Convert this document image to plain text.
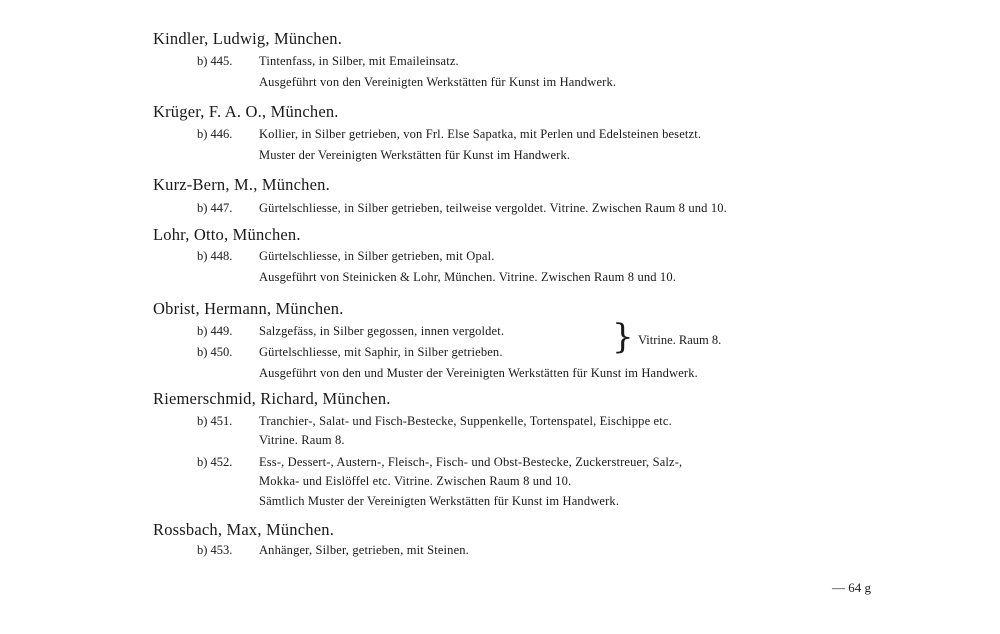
Kindler, Ludwig, München.
b) 445. Tintenfass, in Silber, mit Emaileinsatz.
Ausgeführt von den Vereinigten Werkstätten für Kunst im Handwerk.
Krüger, F. A. O., München.
b) 446. Kollier, in Silber getrieben, von Frl. Else Sapatka, mit Perlen und Edelsteinen besetzt.
Muster der Vereinigten Werkstätten für Kunst im Handwerk.
Kurz-Bern, M., München.
b) 447. Gürtelschliesse, in Silber getrieben, teilweise vergoldet. Vitrine. Zwischen Raum 8 und 10.
Lohr, Otto, München.
b) 448. Gürtelschliesse, in Silber getrieben, mit Opal.
Ausgeführt von Steinicken & Lohr, München. Vitrine. Zwischen Raum 8 und 10.
Obrist, Hermann, München.
b) 449. Salzgefäss, in Silber gegossen, innen vergoldet.
b) 450. Gürtelschliesse, mit Saphir, in Silber getrieben.	} Vitrine. Raum 8.
Ausgeführt von den und Muster der Vereinigten Werkstätten für Kunst im Handwerk.
Riemerschmid, Richard, München.
b) 451. Tranchier-, Salat- und Fisch-Bestecke, Suppenkelle, Tortenspatel, Eischippe etc.
Vitrine. Raum 8.
b) 452. Ess-, Dessert-, Austern-, Fleisch-, Fisch- und Obst-Bestecke, Zuckerstreuer, Salz-,
Mokka- und Eislöffel etc. Vitrine. Zwischen Raum 8 und 10.
Sämtlich Muster der Vereinigten Werkstätten für Kunst im Handwerk.
Rossbach, Max, München.
b) 453. Anhänger, Silber, getrieben, mit Steinen.
— 64 g
